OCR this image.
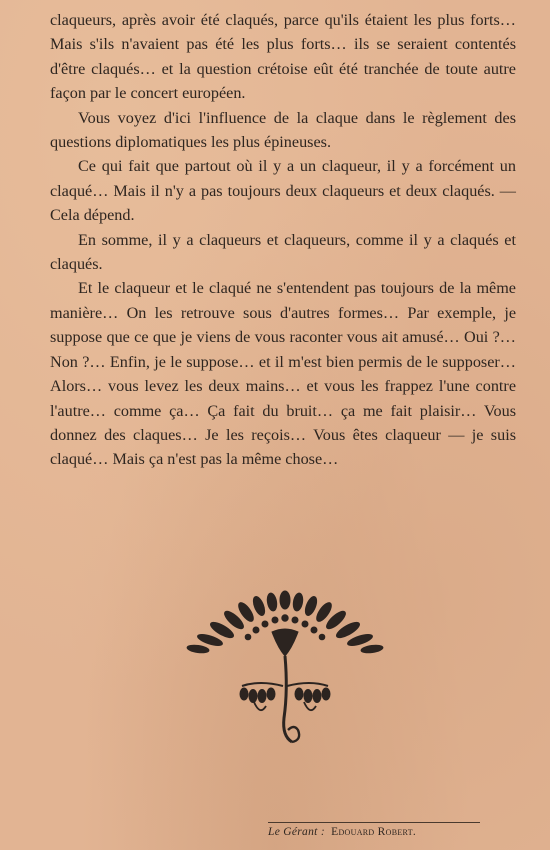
claqueurs, après avoir été claqués, parce qu'ils étaient les plus forts… Mais s'ils n'avaient pas été les plus forts… ils se seraient contentés d'être claqués… et la question crétoise eût été tranchée de toute autre façon par le concert européen.

Vous voyez d'ici l'influence de la claque dans le règlement des questions diplomatiques les plus épineuses.

Ce qui fait que partout où il y a un claqueur, il y a forcément un claqué… Mais il n'y a pas toujours deux claqueurs et deux claqués. — Cela dépend.

En somme, il y a claqueurs et claqueurs, comme il y a claqués et claqués.

Et le claqueur et le claqué ne s'entendent pas toujours de la même manière… On les retrouve sous d'autres formes… Par exemple, je suppose que ce que je viens de vous raconter vous ait amusé… Oui ?… Non ?… Enfin, je le suppose… et il m'est bien permis de le supposer… Alors… vous levez les deux mains… et vous les frappez l'une contre l'autre… comme ça… Ça fait du bruit… ça me fait plaisir… Vous donnez des claques… Je les reçois… Vous êtes claqueur — je suis claqué… Mais ça n'est pas la même chose…

Le Gérant : Edouard Robert.
